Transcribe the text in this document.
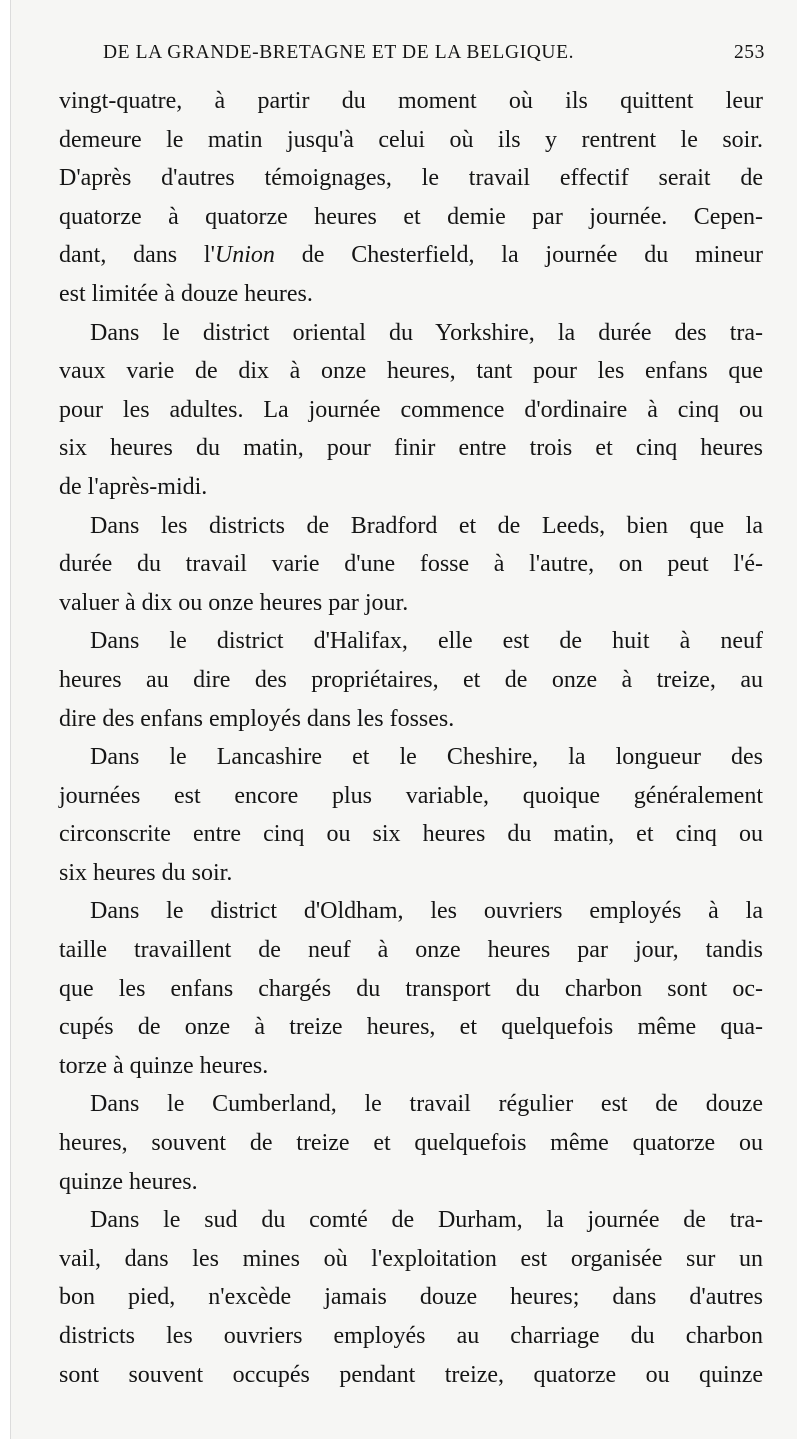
DE LA GRANDE-BRETAGNE ET DE LA BELGIQUE.	253
vingt-quatre, à partir du moment où ils quittent leur
demeure le matin jusqu'à celui où ils y rentrent le soir.
D'après d'autres témoignages, le travail effectif serait de
quatorze à quatorze heures et demie par journée. Cepen-
dant, dans l'Union de Chesterfield, la journée du mineur
est limitée à douze heures.
Dans le district oriental du Yorkshire, la durée des tra-
vaux varie de dix à onze heures, tant pour les enfans que
pour les adultes. La journée commence d'ordinaire à cinq ou
six heures du matin, pour finir entre trois et cinq heures
de l'après-midi.
Dans les districts de Bradford et de Leeds, bien que la
durée du travail varie d'une fosse à l'autre, on peut l'é-
valuer à dix ou onze heures par jour.
Dans le district d'Halifax, elle est de huit à neuf
heures au dire des propriétaires, et de onze à treize, au
dire des enfans employés dans les fosses.
Dans le Lancashire et le Cheshire, la longueur des
journées est encore plus variable, quoique généralement
circonscrite entre cinq ou six heures du matin, et cinq ou
six heures du soir.
Dans le district d'Oldham, les ouvriers employés à la
taille travaillent de neuf à onze heures par jour, tandis
que les enfans chargés du transport du charbon sont oc-
cupés de onze à treize heures, et quelquefois même qua-
torze à quinze heures.
Dans le Cumberland, le travail régulier est de douze
heures, souvent de treize et quelquefois même quatorze ou
quinze heures.
Dans le sud du comté de Durham, la journée de tra-
vail, dans les mines où l'exploitation est organisée sur un
bon pied, n'excède jamais douze heures; dans d'autres
districts les ouvriers employés au charriage du charbon
sont souvent occupés pendant treize, quatorze ou quinze
